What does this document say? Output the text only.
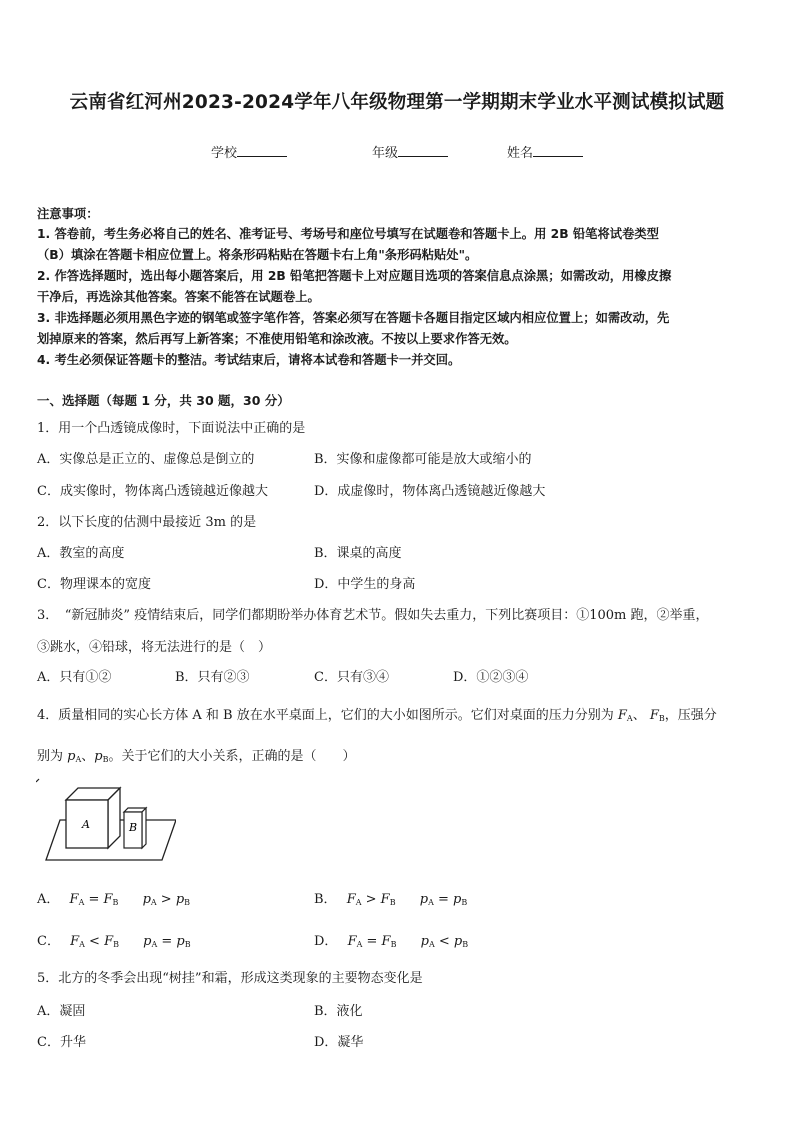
云南省红河州2023-2024学年八年级物理第一学期期末学业水平测试模拟试题
学校	年级	姓名
注意事项：
1. 答卷前，考生务必将自己的姓名、准考证号、考场号和座位号填写在试题卷和答题卡上。用 2B 铅笔将试卷类型
（B）填涂在答题卡相应位置上。将条形码粘贴在答题卡右上角"条形码粘贴处"。
2. 作答选择题时，选出每小题答案后，用 2B 铅笔把答题卡上对应题目选项的答案信息点涂黑；如需改动，用橡皮擦
干净后，再选涂其他答案。答案不能答在试题卷上。
3. 非选择题必须用黑色字迹的钢笔或签字笔作答，答案必须写在答题卡各题目指定区域内相应位置上；如需改动，先
划掉原来的答案，然后再写上新答案；不准使用铅笔和涂改液。不按以上要求作答无效。
4. 考生必须保证答题卡的整洁。考试结束后，请将本试卷和答题卡一并交回。
一、选择题（每题 1 分，共 30 题，30 分）
1．用一个凸透镜成像时，下面说法中正确的是
A．实像总是正立的、虚像总是倒立的	B．实像和虚像都可能是放大或缩小的
C．成实像时，物体离凸透镜越近像越大	D．成虚像时，物体离凸透镜越近像越大
2．以下长度的估测中最接近 3m 的是
A．教室的高度	B．课桌的高度
C．物理课本的宽度	D．中学生的身高
3．　“新冠肺炎” 疫情结束后，同学们都期盼举办体育艺术节。假如失去重力，下列比赛项目：①100m 跑，②举重，
③跳水，④铅球，将无法进行的是（　）
A．只有①②	B．只有②③	C．只有③④	D．①②③④
4．质量相同的实心长方体 A 和 B 放在水平桌面上，它们的大小如图所示。它们对桌面的压力分别为 $F_A$、 $F_B$，压强分
别为 $p_A$、$p_B$。关于它们的大小关系，正确的是（　　）
A	B
A． $F_A = F_B$ $p_A > p_B$	B． $F_A > F_B$ $p_A = p_B$
C． $F_A < F_B$ $p_A = p_B$	D． $F_A = F_B$ $p_A < p_B$
5．北方的冬季会出现“树挂”和霜，形成这类现象的主要物态变化是
A．凝固	B．液化
C．升华	D．凝华
